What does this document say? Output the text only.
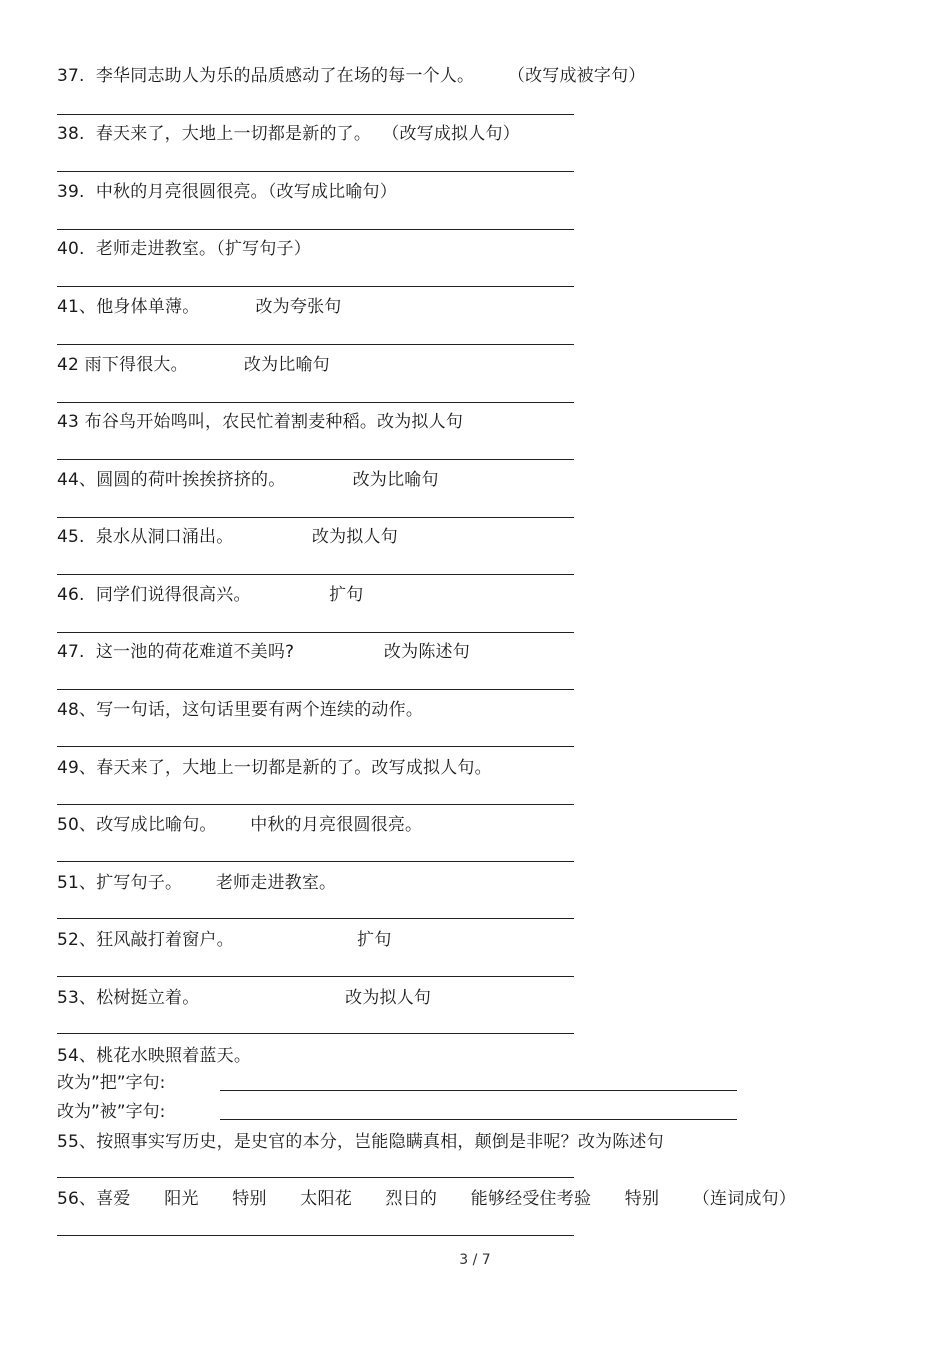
37.  李华同志助人为乐的品质感动了在场的每一个人。      （改写成被字句）
38.  春天来了，大地上一切都是新的了。  （改写成拟人句）
39.  中秋的月亮很圆很亮。（改写成比喻句）
40.  老师走进教室。（扩写句子）
41、他身体单薄。          改为夸张句
42 雨下得很大。          改为比喻句
43 布谷鸟开始鸣叫，农民忙着割麦种稻。改为拟人句
44、圆圆的荷叶挨挨挤挤的。            改为比喻句
45.  泉水从洞口涌出。              改为拟人句
46.  同学们说得很高兴。              扩句
47.  这一池的荷花难道不美吗?                改为陈述句
48、写一句话，这句话里要有两个连续的动作。
49、春天来了，大地上一切都是新的了。改写成拟人句。
50、改写成比喻句。      中秋的月亮很圆很亮。
51、扩写句子。      老师走进教室。
52、狂风敲打着窗户。                      扩句
53、松树挺立着。                          改为拟人句
54、桃花水映照着蓝天。
改为”把”字句:
改为”被”字句:
55、按照事实写历史，是史官的本分，岂能隐瞒真相，颠倒是非呢？改为陈述句
56、喜爱      阳光      特别      太阳花      烈日的      能够经受住考验      特别      （连词成句）
3 / 7
